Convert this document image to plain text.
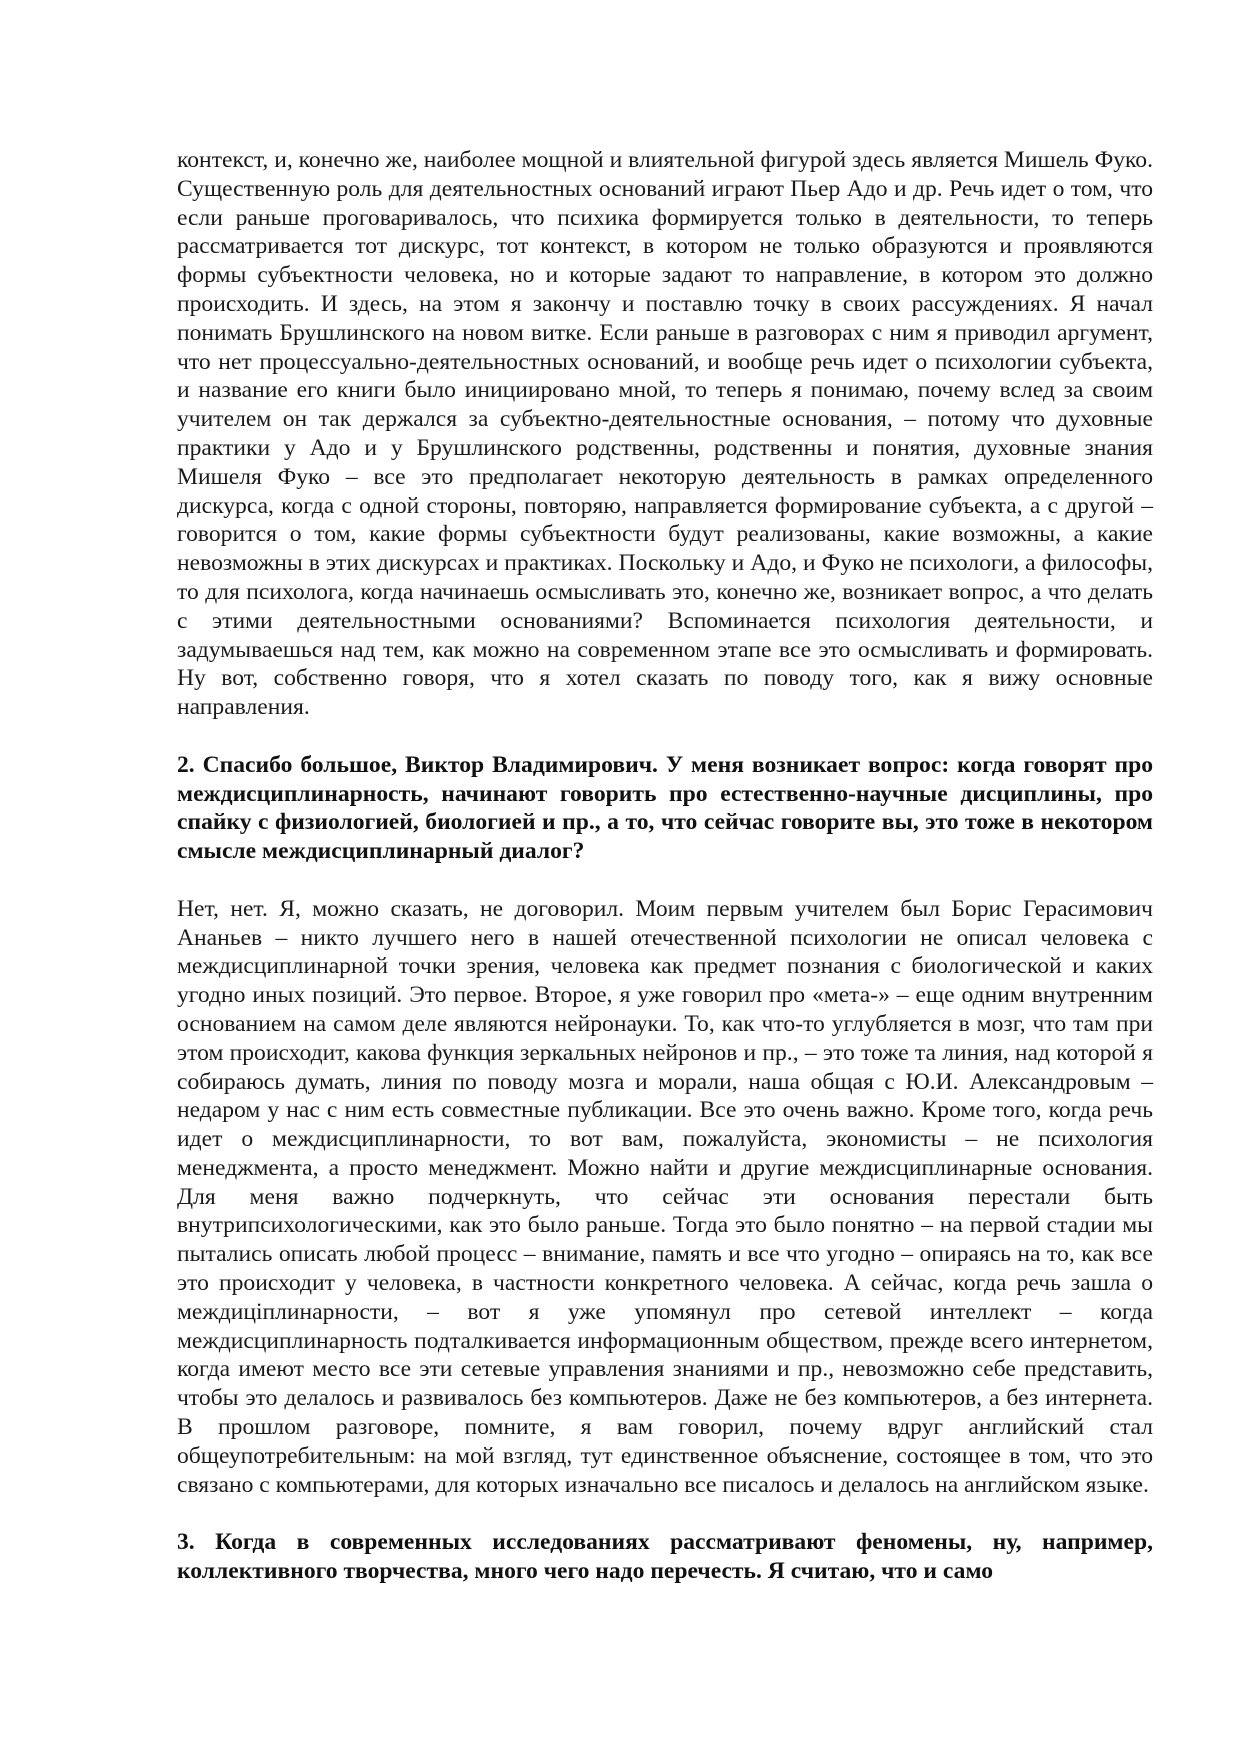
контекст, и, конечно же, наиболее мощной и влиятельной фигурой здесь является Мишель Фуко. Существенную роль для деятельностных оснований играют Пьер Адо и др. Речь идет о том, что если раньше проговаривалось, что психика формируется только в деятельности, то теперь рассматривается тот дискурс, тот контекст, в котором не только образуются и проявляются формы субъектности человека, но и которые задают то направление, в котором это должно происходить. И здесь, на этом я закончу и поставлю точку в своих рассуждениях. Я начал понимать Брушлинского на новом витке. Если раньше в разговорах с ним я приводил аргумент, что нет процессуально-деятельностных оснований, и вообще речь идет о психологии субъекта, и название его книги было инициировано мной, то теперь я понимаю, почему вслед за своим учителем он так держался за субъектно-деятельностные основания, – потому что духовные практики у Адо и у Брушлинского родственны, родственны и понятия, духовные знания Мишеля Фуко – все это предполагает некоторую деятельность в рамках определенного дискурса, когда с одной стороны, повторяю, направляется формирование субъекта, а с другой – говорится о том, какие формы субъектности будут реализованы, какие возможны, а какие невозможны в этих дискурсах и практиках. Поскольку и Адо, и Фуко не психологи, а философы, то для психолога, когда начинаешь осмысливать это, конечно же, возникает вопрос, а что делать с этими деятельностными основаниями? Вспоминается психология деятельности, и задумываешься над тем, как можно на современном этапе все это осмысливать и формировать. Ну вот, собственно говоря, что я хотел сказать по поводу того, как я вижу основные направления.

2. Спасибо большое, Виктор Владимирович. У меня возникает вопрос: когда говорят про междисциплинарность, начинают говорить про естественно-научные дисциплины, про спайку с физиологией, биологией и пр., а то, что сейчас говорите вы, это тоже в некотором смысле междисциплинарный диалог?

Нет, нет. Я, можно сказать, не договорил. Моим первым учителем был Борис Герасимович Ананьев – никто лучшего него в нашей отечественной психологии не описал человека с междисциплинарной точки зрения, человека как предмет познания с биологической и каких угодно иных позиций. Это первое. Второе, я уже говорил про «мета-» – еще одним внутренним основанием на самом деле являются нейронауки. То, как что-то углубляется в мозг, что там при этом происходит, какова функция зеркальных нейронов и пр., – это тоже та линия, над которой я собираюсь думать, линия по поводу мозга и морали, наша общая с Ю.И. Александровым – недаром у нас с ним есть совместные публикации. Все это очень важно. Кроме того, когда речь идет о междисциплинарности, то вот вам, пожалуйста, экономисты – не психология менеджмента, а просто менеджмент. Можно найти и другие междисциплинарные основания. Для меня важно подчеркнуть, что сейчас эти основания перестали быть внутрипсихологическими, как это было раньше. Тогда это было понятно – на первой стадии мы пытались описать любой процесс – внимание, память и все что угодно – опираясь на то, как все это происходит у человека, в частности конкретного человека. А сейчас, когда речь зашла о междиціплинарности, – вот я уже упомянул про сетевой интеллект – когда междисциплинарность подталкивается информационным обществом, прежде всего интернетом, когда имеют место все эти сетевые управления знаниями и пр., невозможно себе представить, чтобы это делалось и развивалось без компьютеров. Даже не без компьютеров, а без интернета. В прошлом разговоре, помните, я вам говорил, почему вдруг английский стал общеупотребительным: на мой взгляд, тут единственное объяснение, состоящее в том, что это связано с компьютерами, для которых изначально все писалось и делалось на английском языке.

3. Когда в современных исследованиях рассматривают феномены, ну, например, коллективного творчества, много чего надо перечесть. Я считаю, что и само
